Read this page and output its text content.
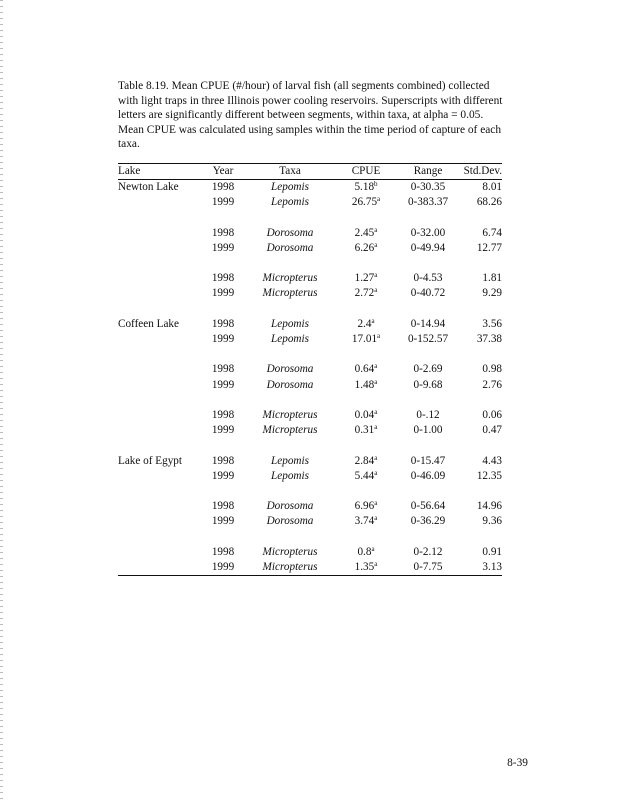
Table 8.19. Mean CPUE (#/hour) of larval fish (all segments combined) collected with light traps in three Illinois power cooling reservoirs. Superscripts with different letters are significantly different between segments, within taxa, at alpha = 0.05. Mean CPUE was calculated using samples within the time period of capture of each taxa.

Lake	Year	Taxa	CPUE	Range	Std.Dev.
Newton Lake	1998	Lepomis	5.18$^b$	0-30.35	8.01
	1999	Lepomis	26.75$^a$	0-383.37	68.26

	1998	Dorosoma	2.45$^a$	0-32.00	6.74
	1999	Dorosoma	6.26$^a$	0-49.94	12.77

	1998	Micropterus	1.27$^a$	0-4.53	1.81
	1999	Micropterus	2.72$^a$	0-40.72	9.29

Coffeen Lake	1998	Lepomis	2.4$^a$	0-14.94	3.56
	1999	Lepomis	17.01$^a$	0-152.57	37.38

	1998	Dorosoma	0.64$^a$	0-2.69	0.98
	1999	Dorosoma	1.48$^a$	0-9.68	2.76

	1998	Micropterus	0.04$^a$	0-.12	0.06
	1999	Micropterus	0.31$^a$	0-1.00	0.47

Lake of Egypt	1998	Lepomis	2.84$^a$	0-15.47	4.43
	1999	Lepomis	5.44$^a$	0-46.09	12.35

	1998	Dorosoma	6.96$^a$	0-56.64	14.96
	1999	Dorosoma	3.74$^a$	0-36.29	9.36

	1998	Micropterus	0.8$^a$	0-2.12	0.91
	1999	Micropterus	1.35$^a$	0-7.75	3.13
8-39
